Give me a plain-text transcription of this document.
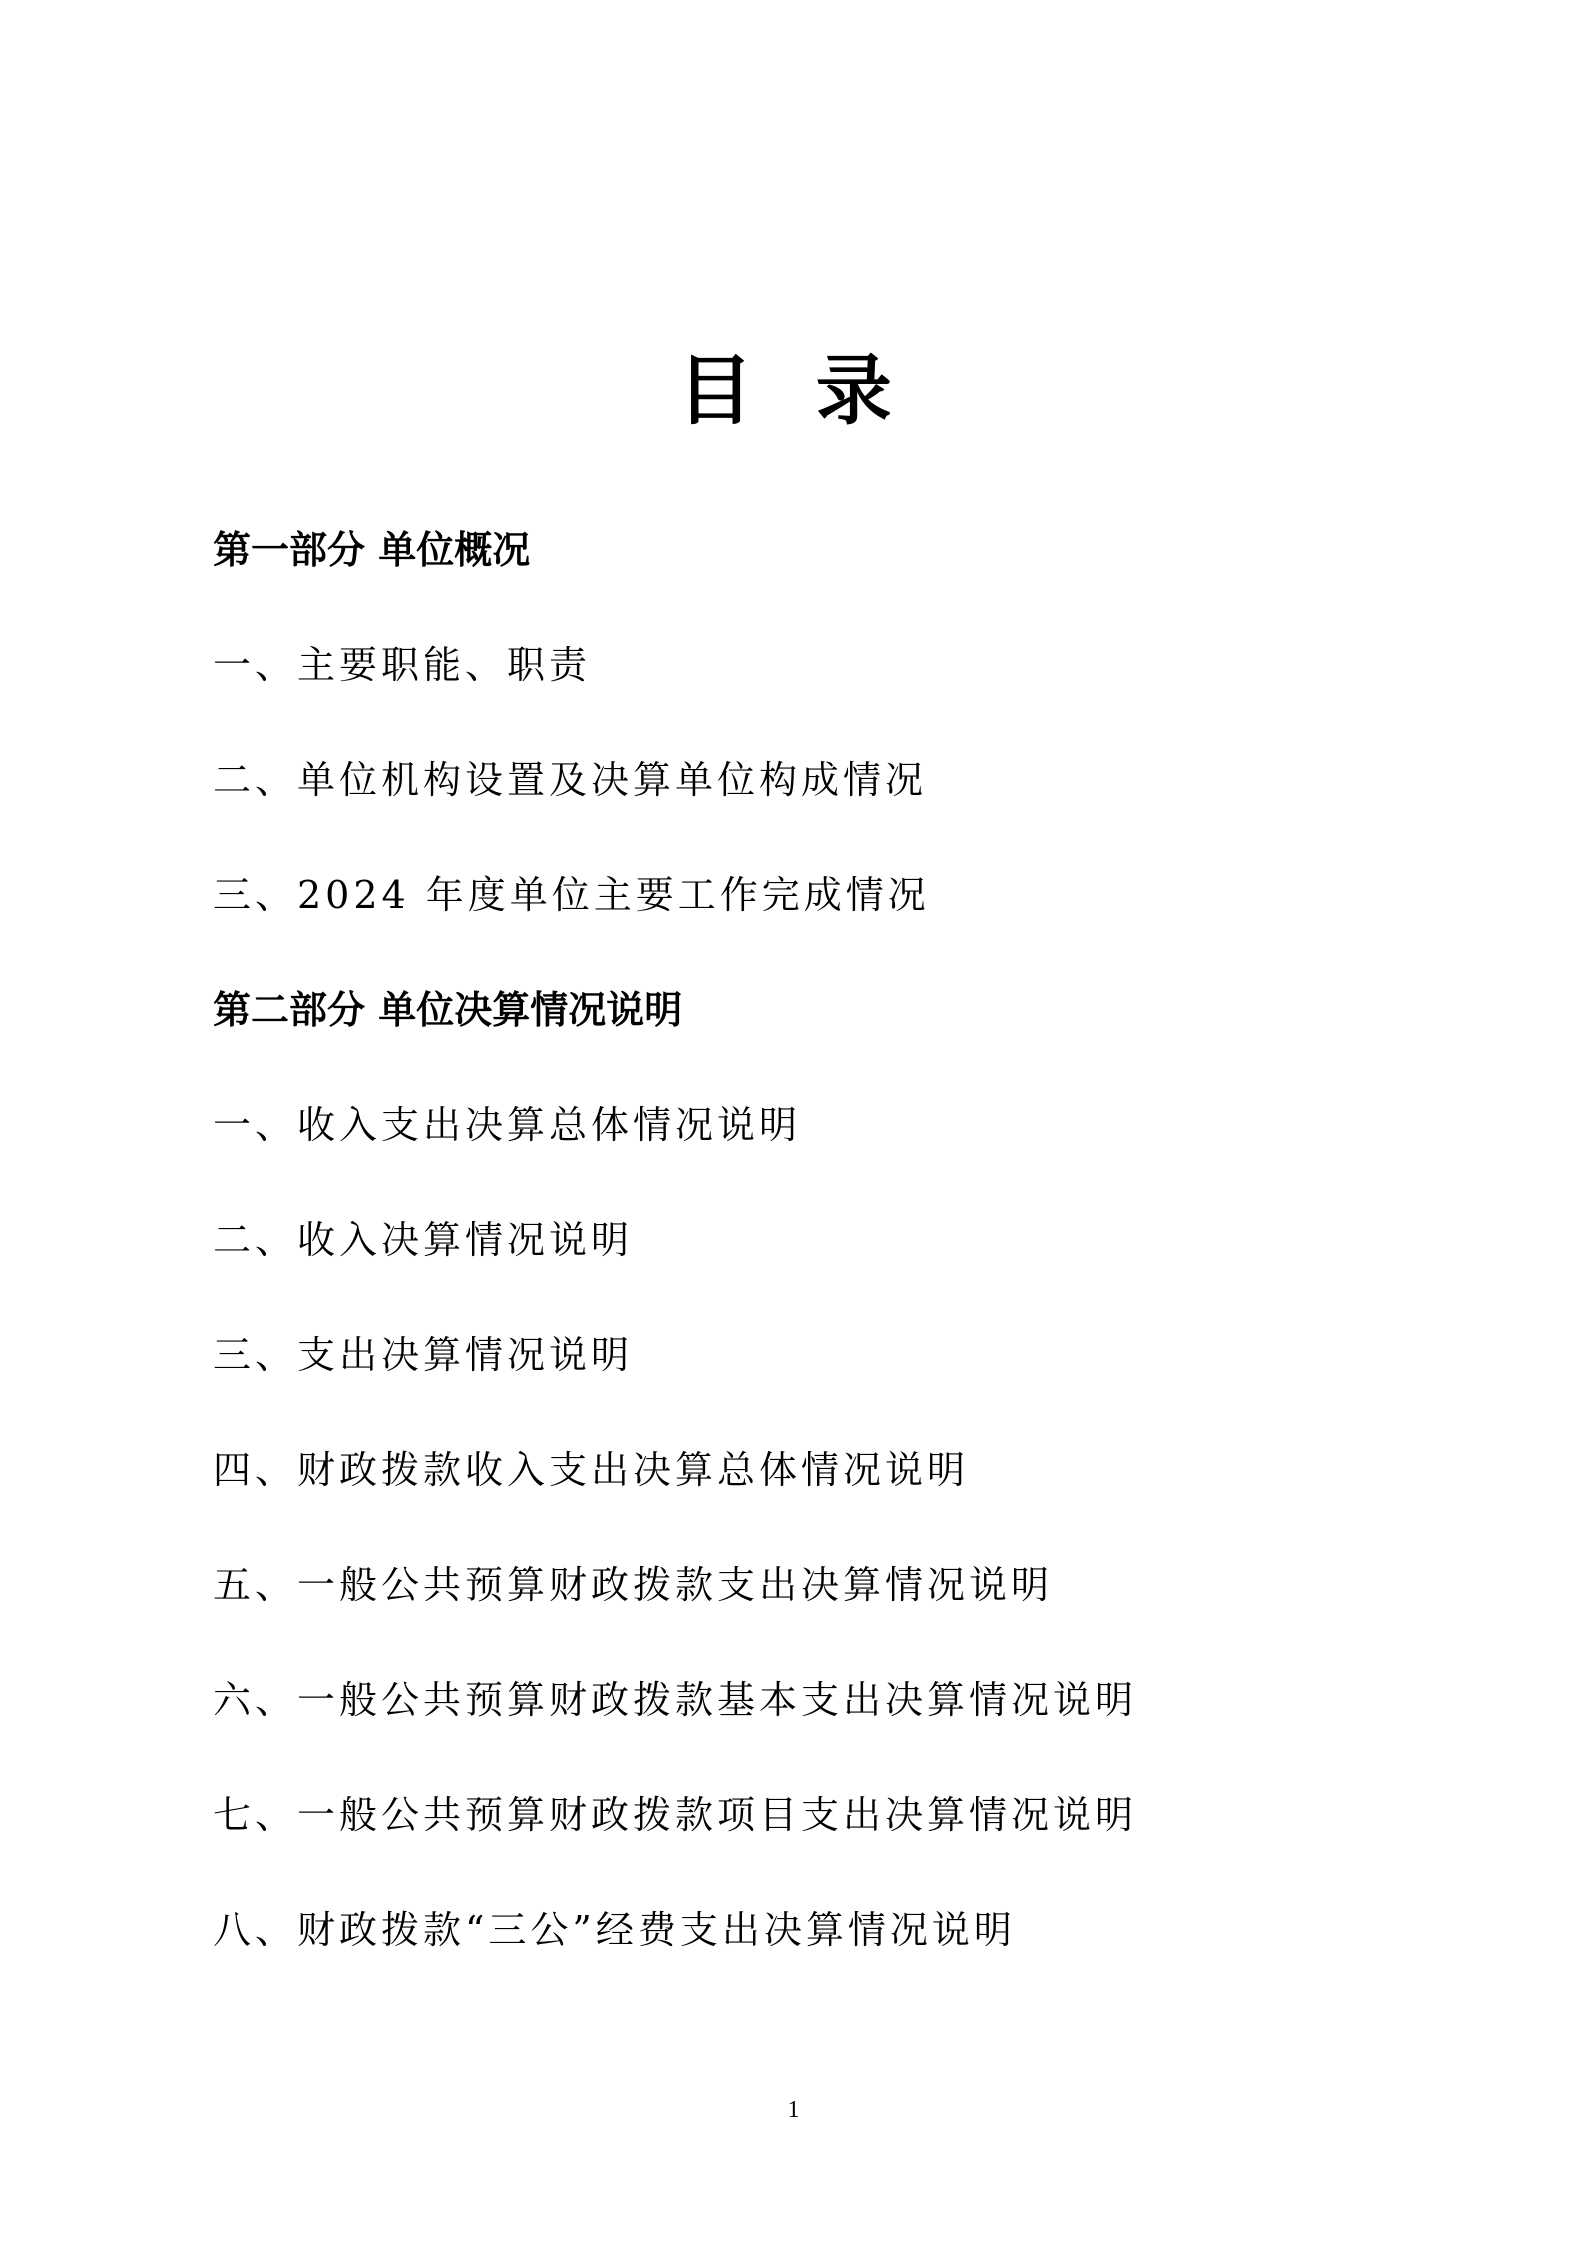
目 录
第一部分 单位概况
一、主要职能、职责
二、单位机构设置及决算单位构成情况
三、2024 年度单位主要工作完成情况
第二部分 单位决算情况说明
一、收入支出决算总体情况说明
二、收入决算情况说明
三、支出决算情况说明
四、财政拨款收入支出决算总体情况说明
五、一般公共预算财政拨款支出决算情况说明
六、一般公共预算财政拨款基本支出决算情况说明
七、一般公共预算财政拨款项目支出决算情况说明
八、财政拨款“三公”经费支出决算情况说明
1
